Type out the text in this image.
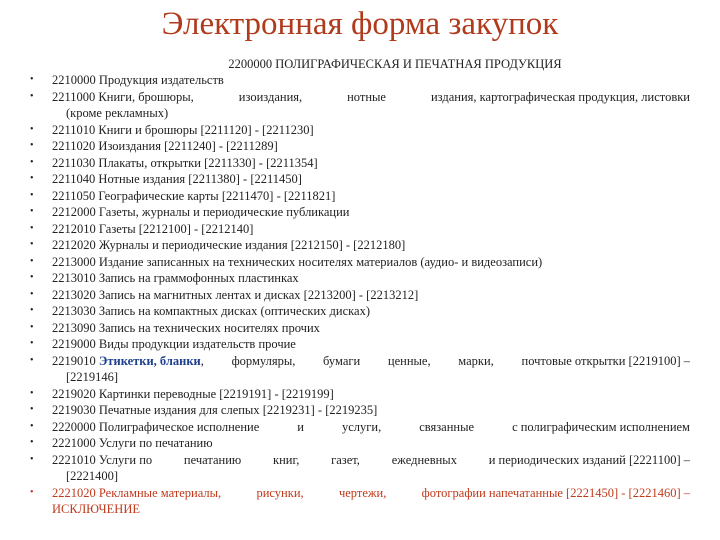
Электронная форма закупок
2200000 ПОЛИГРАФИЧЕСКАЯ И ПЕЧАТНАЯ ПРОДУКЦИЯ
• 2210000 Продукция издательств
• 2211000 Книги, брошюры,	изоиздания,	нотные	издания, картографическая продукция, листовки
(кроме рекламных)
• 2211010 Книги и брошюры [2211120] - [2211230]
• 2211020 Изоиздания [2211240] - [2211289]
• 2211030 Плакаты, открытки [2211330] - [2211354]
• 2211040 Нотные издания [2211380] - [2211450]
• 2211050 Географические карты [2211470] - [2211821]
• 2212000 Газеты, журналы и периодические публикации
• 2212010 Газеты [2212100] - [2212140]
• 2212020 Журналы и периодические издания [2212150] - [2212180]
• 2213000 Издание записанных на технических носителях материалов (аудио- и видеозаписи)
• 2213010 Запись на граммофонных пластинках
• 2213020 Запись на магнитных лентах и дисках [2213200] - [2213212]
• 2213030 Запись на компактных дисках (оптических дисках)
• 2213090 Запись на технических носителях прочих
• 2219000 Виды продукции издательств прочие
• 2219010 Этикетки, бланки, формуляры, бумаги ценные, марки, почтовые открытки [2219100] –
[2219146]
• 2219020 Картинки переводные [2219191] - [2219199]
• 2219030 Печатные издания для слепых [2219231] - [2219235]
• 2220000 Полиграфическое исполнение	и	услуги,	связанные	с полиграфическим исполнением
• 2221000 Услуги по печатанию
• 2221010 Услуги по	печатанию	книг,	газет,	ежедневных	и периодических изданий [2221100] –
[2221400]
• 2221020 Рекламные материалы,	рисунки,	чертежи,	фотографии напечатанные [2221450] - [2221460] –
ИСКЛЮЧЕНИЕ
